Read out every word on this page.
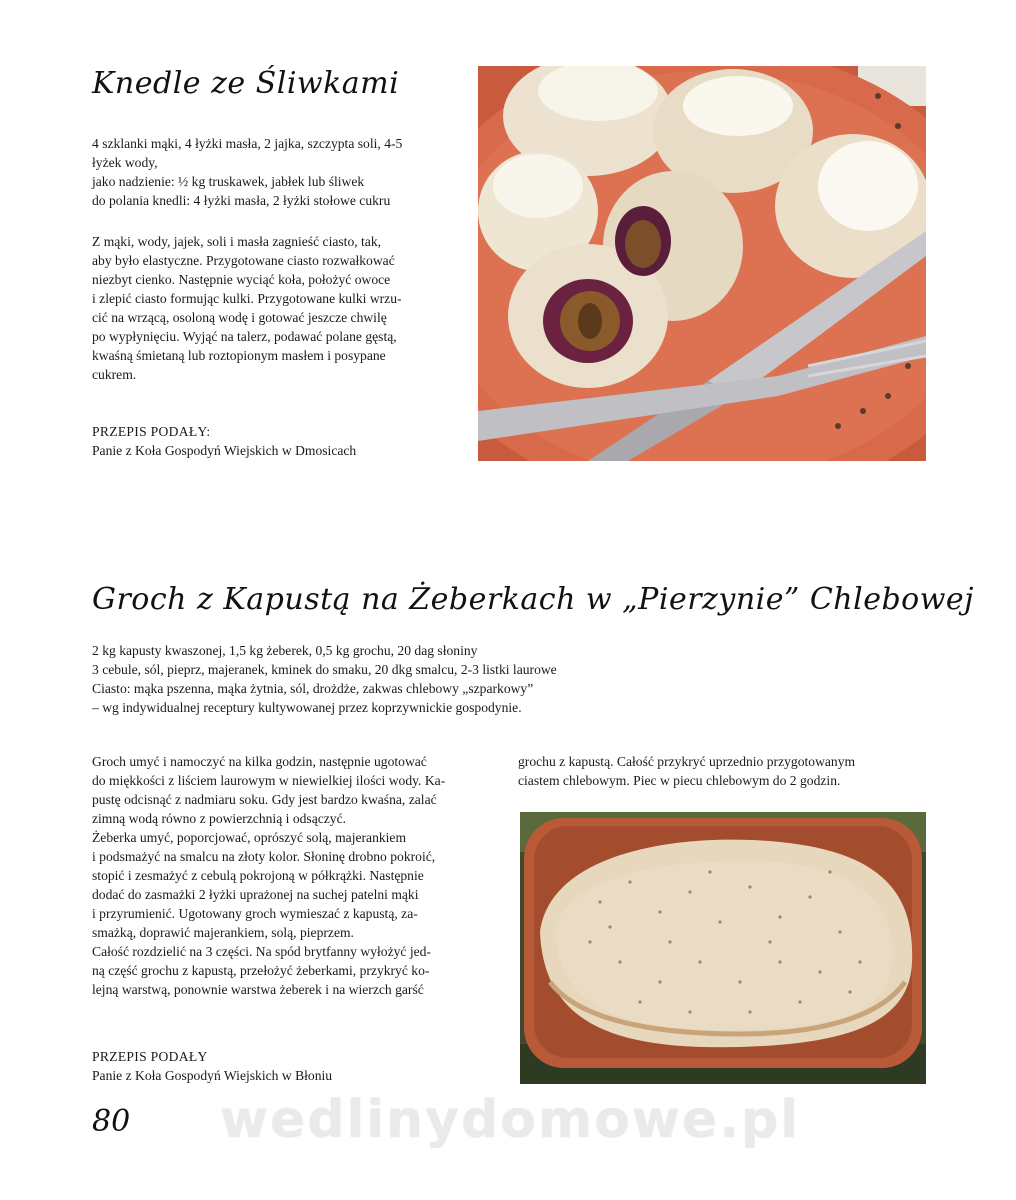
Knedle ze Śliwkami
4 szklanki mąki, 4 łyżki masła, 2 jajka, szczypta soli, 4-5
łyżek wody,
jako nadzienie: ½ kg truskawek, jabłek lub śliwek
do polania knedli: 4 łyżki masła, 2 łyżki stołowe cukru
Z mąki, wody, jajek, soli i masła zagnieść ciasto, tak,
aby było elastyczne. Przygotowane ciasto rozwałkować
niezbyt cienko. Następnie wyciąć koła, położyć owoce
i zlepić ciasto formując kulki. Przygotowane kulki wrzu-
cić na wrzącą, osoloną wodę i gotować jeszcze chwilę
po wypłynięciu. Wyjąć na talerz, podawać polane gęstą,
kwaśną śmietaną lub roztopionym masłem i posypane
cukrem.
PRZEPIS PODAŁY:
Panie z Koła Gospodyń Wiejskich w Dmosicach
Groch z Kapustą na Żeberkach w „Pierzynie” Chlebowej
2 kg kapusty kwaszonej, 1,5 kg żeberek, 0,5 kg grochu, 20 dag słoniny
3 cebule, sól, pieprz, majeranek, kminek do smaku, 20 dkg smalcu, 2-3 listki laurowe
Ciasto: mąka pszenna, mąka żytnia, sól, drożdże, zakwas chlebowy „szparkowy”
– wg indywidualnej receptury kultywowanej przez koprzywnickie gospodynie.
Groch umyć i namoczyć na kilka godzin, następnie ugotować
do miękkości z liściem laurowym w niewielkiej ilości wody. Ka-
pustę odcisnąć z nadmiaru soku. Gdy jest bardzo kwaśna, zalać
zimną wodą równo z powierzchnią i odsączyć.
Żeberka umyć, poporcjować, oprószyć solą, majerankiem
i podsmażyć na smalcu na złoty kolor. Słoninę drobno pokroić,
stopić i zesmażyć z cebulą pokrojoną w półkrążki. Następnie
dodać do zasmażki 2 łyżki uprażonej na suchej patelni mąki
i przyrumienić. Ugotowany groch wymieszać z kapustą, za-
smażką, doprawić majerankiem, solą, pieprzem.
Całość rozdzielić na 3 części. Na spód brytfanny wyłożyć jed-
ną część grochu z kapustą, przełożyć żeberkami, przykryć ko-
lejną warstwą, ponownie warstwa żeberek i na wierzch garść
grochu z kapustą. Całość przykryć uprzednio przygotowanym
ciastem chlebowym. Piec w piecu chlebowym do 2 godzin.
PRZEPIS PODAŁY
Panie z Koła Gospodyń Wiejskich w Błoniu
80	wedlinydomowe.pl
